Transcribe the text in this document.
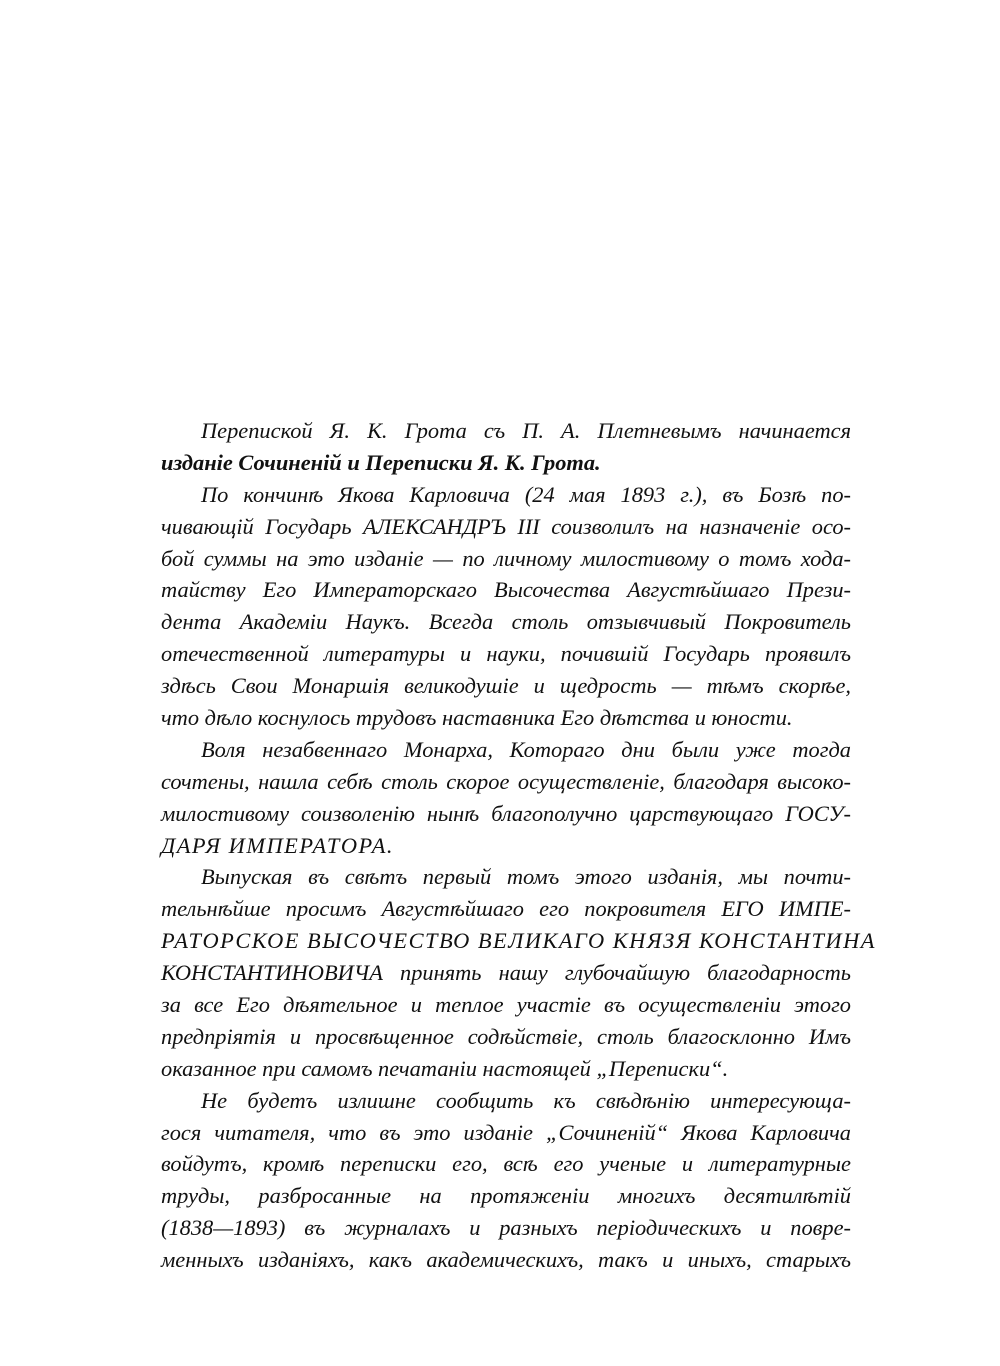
Перепиской Я. К. Грота съ П. А. Плетневымъ начинается
изданіе Сочиненій и Переписки Я. К. Грота.
По кончинѣ Якова Карловича (24 мая 1893 г.), въ Бозѣ по-
чивающій Государь АЛЕКСАНДРЪ III соизволилъ на назначеніе осо-
бой суммы на это изданіе — по личному милостивому о томъ хода-
тайству Его Императорскаго Высочества Августѣйшаго Прези-
дента Академіи Наукъ. Всегда столь отзывчивый Покровитель
отечественной литературы и науки, почившій Государь проявилъ
здѣсь Свои Монаршія великодушіе и щедрость — тѣмъ скорѣе,
что дѣло коснулось трудовъ наставника Его дѣтства и юности.
Воля незабвеннаго Монарха, Котораго дни были уже тогда
сочтены, нашла себѣ столь скорое осуществленіе, благодаря высоко-
милостивому соизволенію нынѣ благополучно царствующаго ГОСУ-
ДАРЯ ИМПЕРАТОРА.
Выпуская въ свѣтъ первый томъ этого изданія, мы почти-
тельнѣйше просимъ Августѣйшаго его покровителя ЕГО ИМПЕ-
РАТОРСКОЕ ВЫСОЧЕСТВО ВЕЛИКАГО КНЯЗЯ КОНСТАНТИНА
КОНСТАНТИНОВИЧА принять нашу глубочайшую благодарность
за все Его дѣятельное и теплое участіе въ осуществленіи этого
предпріятія и просвѣщенное содѣйствіе, столь благосклонно Имъ
оказанное при самомъ печатаніи настоящей „Переписки“.
Не будетъ излишне сообщить къ свѣдѣнію интересующа-
гося читателя, что въ это изданіе „Сочиненій“ Якова Карловича
войдутъ, кромѣ переписки его, всѣ его ученые и литературные
труды, разбросанные на протяженіи многихъ десятилѣтій
(1838—1893) въ журналахъ и разныхъ періодическихъ и повре-
менныхъ изданіяхъ, какъ академическихъ, такъ и иныхъ, старыхъ
